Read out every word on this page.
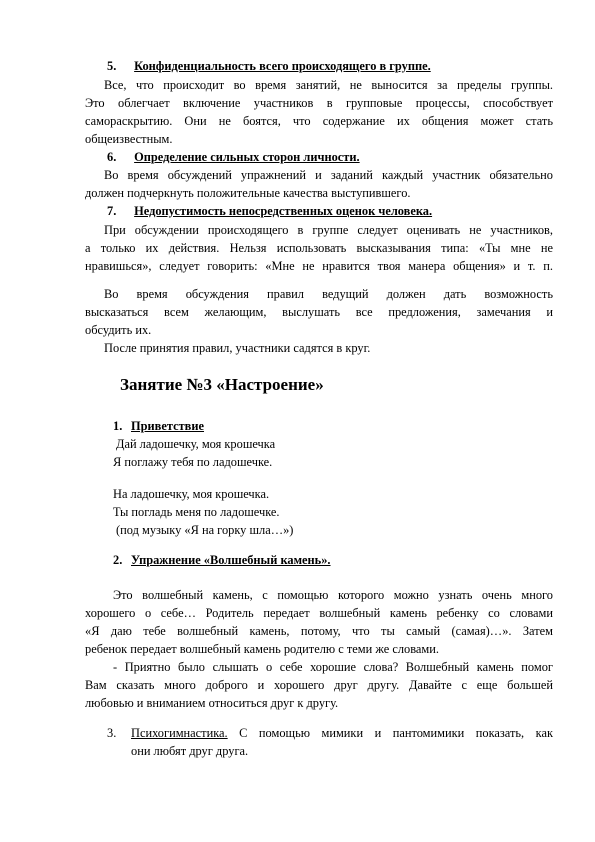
5. Конфиденциальность всего происходящего в группе.
Все, что происходит во время занятий, не выносится за пределы группы.
Это облегчает включение участников в групповые процессы, способствует
самораскрытию. Они не боятся, что содержание их общения может стать
общеизвестным.
6. Определение сильных сторон личности.
Во время обсуждений упражнений и заданий каждый участник обязательно
должен подчеркнуть положительные качества выступившего.
7. Недопустимость непосредственных оценок человека.
При обсуждении происходящего в группе следует оценивать не участников,
а только их действия. Нельзя использовать высказывания типа: «Ты мне не
нравишься», следует говорить: «Мне не нравится твоя манера общения» и т. п.
Во время обсуждения правил ведущий должен дать возможность
высказаться всем желающим, выслушать все предложения, замечания и
обсудить их.
После принятия правил, участники садятся в круг.
Занятие №3 «Настроение»
1. Приветствие
Дай ладошечку, моя крошечка
Я поглажу тебя по ладошечке.
На ладошечку, моя крошечка.
Ты погладь меня по ладошечке.
(под музыку «Я на горку шла…»)
2. Упражнение «Волшебный камень».
Это волшебный камень, с помощью которого можно узнать очень много
хорошего о себе… Родитель передает волшебный камень ребенку со словами
«Я даю тебе волшебный камень, потому, что ты самый (самая)…». Затем
ребенок передает волшебный камень родителю с теми же словами.
- Приятно было слышать о себе хорошие слова? Волшебный камень помог
Вам сказать много доброго и хорошего друг другу. Давайте с еще большей
любовью и вниманием относиться друг к другу.
3. Психогимнастика. С помощью мимики и пантомимики показать, как
они любят друг друга.
